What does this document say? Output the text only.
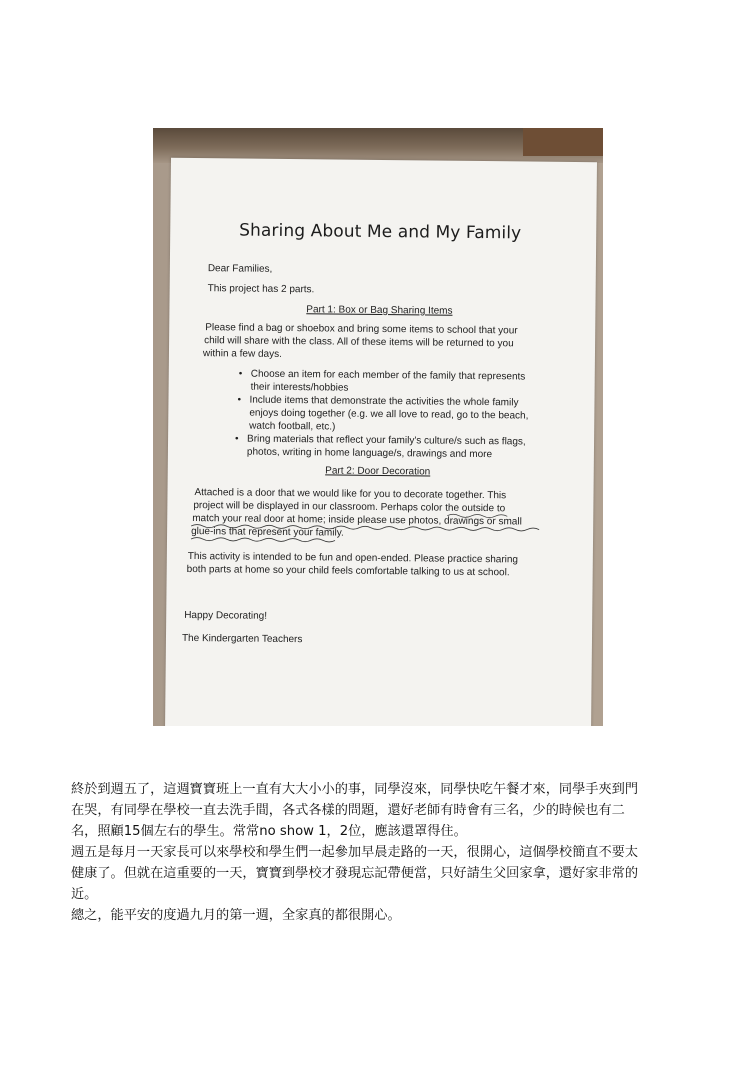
Sharing About Me and My Family
Dear Families,
This project has 2 parts.
Part 1: Box or Bag Sharing Items
Please find a bag or shoebox and bring some items to school that your
child will share with the class. All of these items will be returned to you
within a few days.
• Choose an item for each member of the family that represents
their interests/hobbies
• Include items that demonstrate the activities the whole family
enjoys doing together (e.g. we all love to read, go to the beach,
watch football, etc.)
• Bring materials that reflect your family's culture/s such as flags,
photos, writing in home language/s, drawings and more
Part 2: Door Decoration
Attached is a door that we would like for you to decorate together. This
project will be displayed in our classroom. Perhaps color the outside to
match your real door at home; inside please use photos, drawings or small
glue-ins that represent your family.
This activity is intended to be fun and open-ended. Please practice sharing
both parts at home so your child feels comfortable talking to us at school.
Happy Decorating!
The Kindergarten Teachers

終於到週五了，這週寶寶班上一直有大大小小的事，同學沒來，同學快吃午餐才來，同學手夾到門

在哭，有同學在學校一直去洗手間，各式各樣的問題，還好老師有時會有三名，少的時候也有二

名，照顧15個左右的學生。常常no show 1，2位，應該還罩得住。

週五是每月一天家長可以來學校和學生們一起參加早晨走路的一天，很開心，這個學校簡直不要太

健康了。但就在這重要的一天，寶寶到學校才發現忘記帶便當，只好請生父回家拿，還好家非常的

近。

總之，能平安的度過九月的第一週，全家真的都很開心。
